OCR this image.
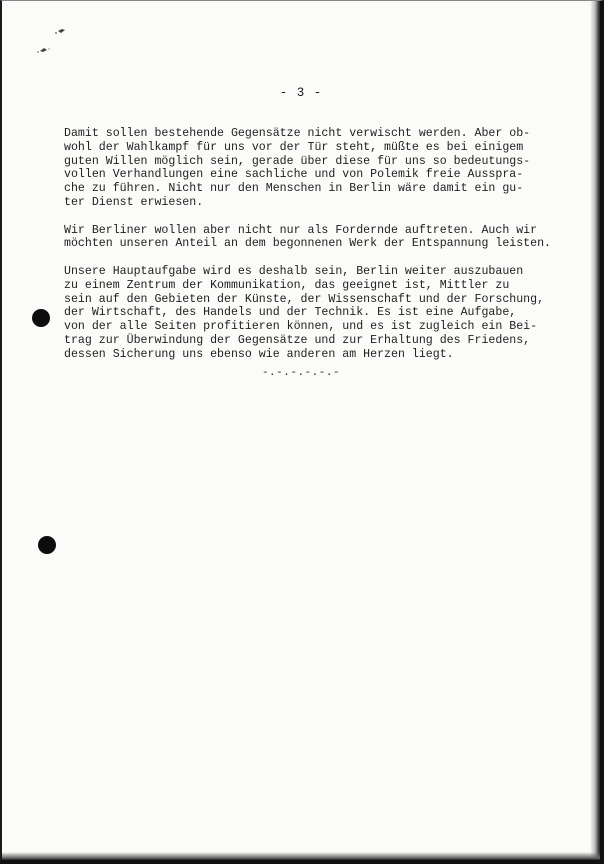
- 3 -

Damit sollen bestehende Gegensätze nicht verwischt werden. Aber ob-
wohl der Wahlkampf für uns vor der Tür steht, müßte es bei einigem
guten Willen möglich sein, gerade über diese für uns so bedeutungs-
vollen Verhandlungen eine sachliche und von Polemik freie Ausspra-
che zu führen. Nicht nur den Menschen in Berlin wäre damit ein gu-
ter Dienst erwiesen.

Wir Berliner wollen aber nicht nur als Fordernde auftreten. Auch wir
möchten unseren Anteil an dem begonnenen Werk der Entspannung leisten.

Unsere Hauptaufgabe wird es deshalb sein, Berlin weiter auszubauen
zu einem Zentrum der Kommunikation, das geeignet ist, Mittler zu
sein auf den Gebieten der Künste, der Wissenschaft und der Forschung,
der Wirtschaft, des Handels und der Technik. Es ist eine Aufgabe,
von der alle Seiten profitieren können, und es ist zugleich ein Bei-
trag zur Überwindung der Gegensätze und zur Erhaltung des Friedens,
dessen Sicherung uns ebenso wie anderen am Herzen liegt.

-.-.-.-.-.-
